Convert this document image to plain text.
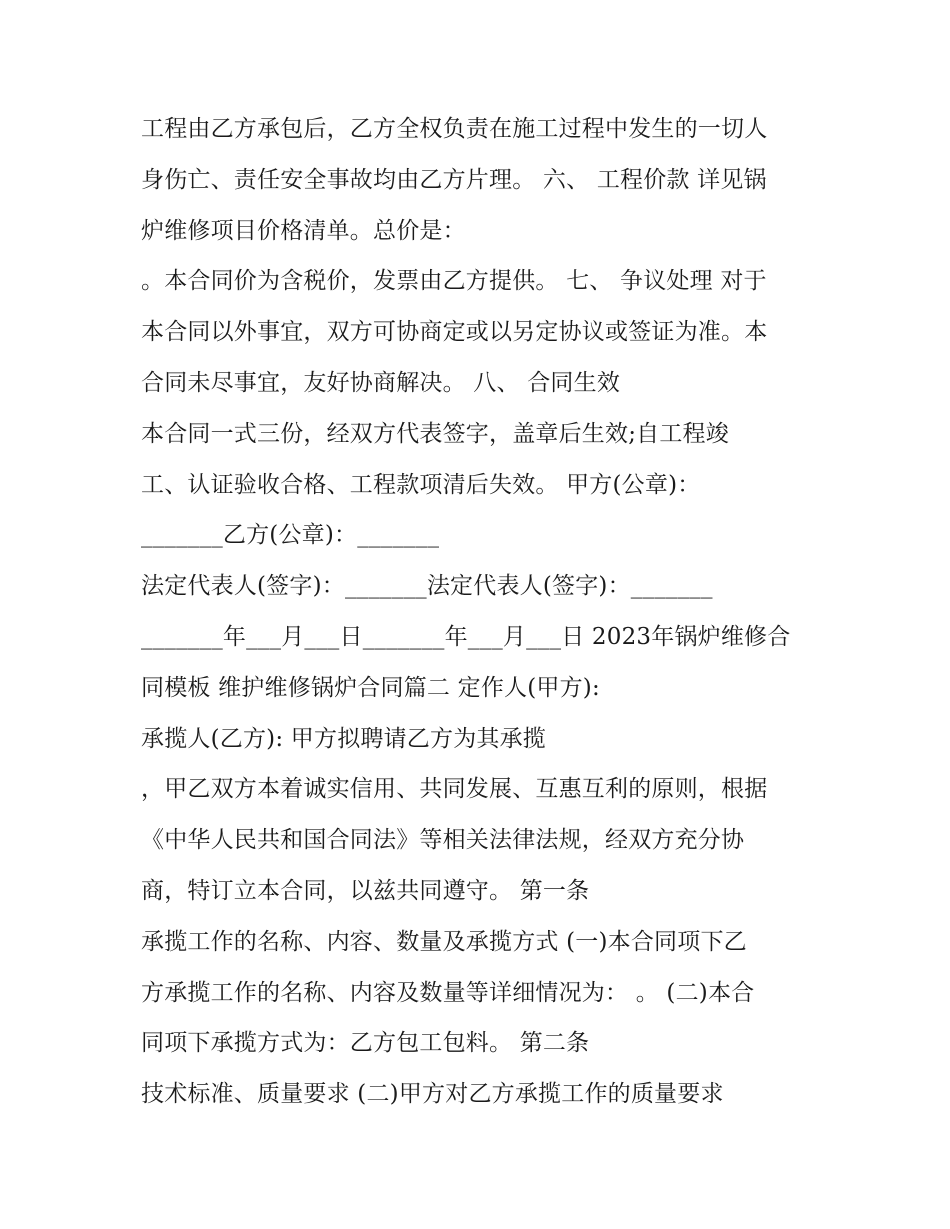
工程由乙方承包后，乙方全权负责在施工过程中发生的一切人
身伤亡、责任安全事故均由乙方片理。 六、 工程价款 详见锅
炉维修项目价格清单。总价是：
。本合同价为含税价，发票由乙方提供。 七、 争议处理 对于
本合同以外事宜，双方可协商定或以另定协议或签证为准。本
合同未尽事宜，友好协商解决。 八、 合同生效
本合同一式三份，经双方代表签字，盖章后生效;自工程竣
工、认证验收合格、工程款项清后失效。 甲方(公章)：
_______乙方(公章)：_______
法定代表人(签字)：_______法定代表人(签字)：_______
_______年___月___日_______年___月___日 2023年锅炉维修合
同模板 维护维修锅炉合同篇二 定作人(甲方):
承揽人(乙方): 甲方拟聘请乙方为其承揽
，甲乙双方本着诚实信用、共同发展、互惠互利的原则，根据
《中华人民共和国合同法》等相关法律法规，经双方充分协
商，特订立本合同，以兹共同遵守。 第一条
承揽工作的名称、内容、数量及承揽方式 (一)本合同项下乙
方承揽工作的名称、内容及数量等详细情况为： 。 (二)本合
同项下承揽方式为：乙方包工包料。 第二条
技术标准、质量要求 (二)甲方对乙方承揽工作的质量要求
